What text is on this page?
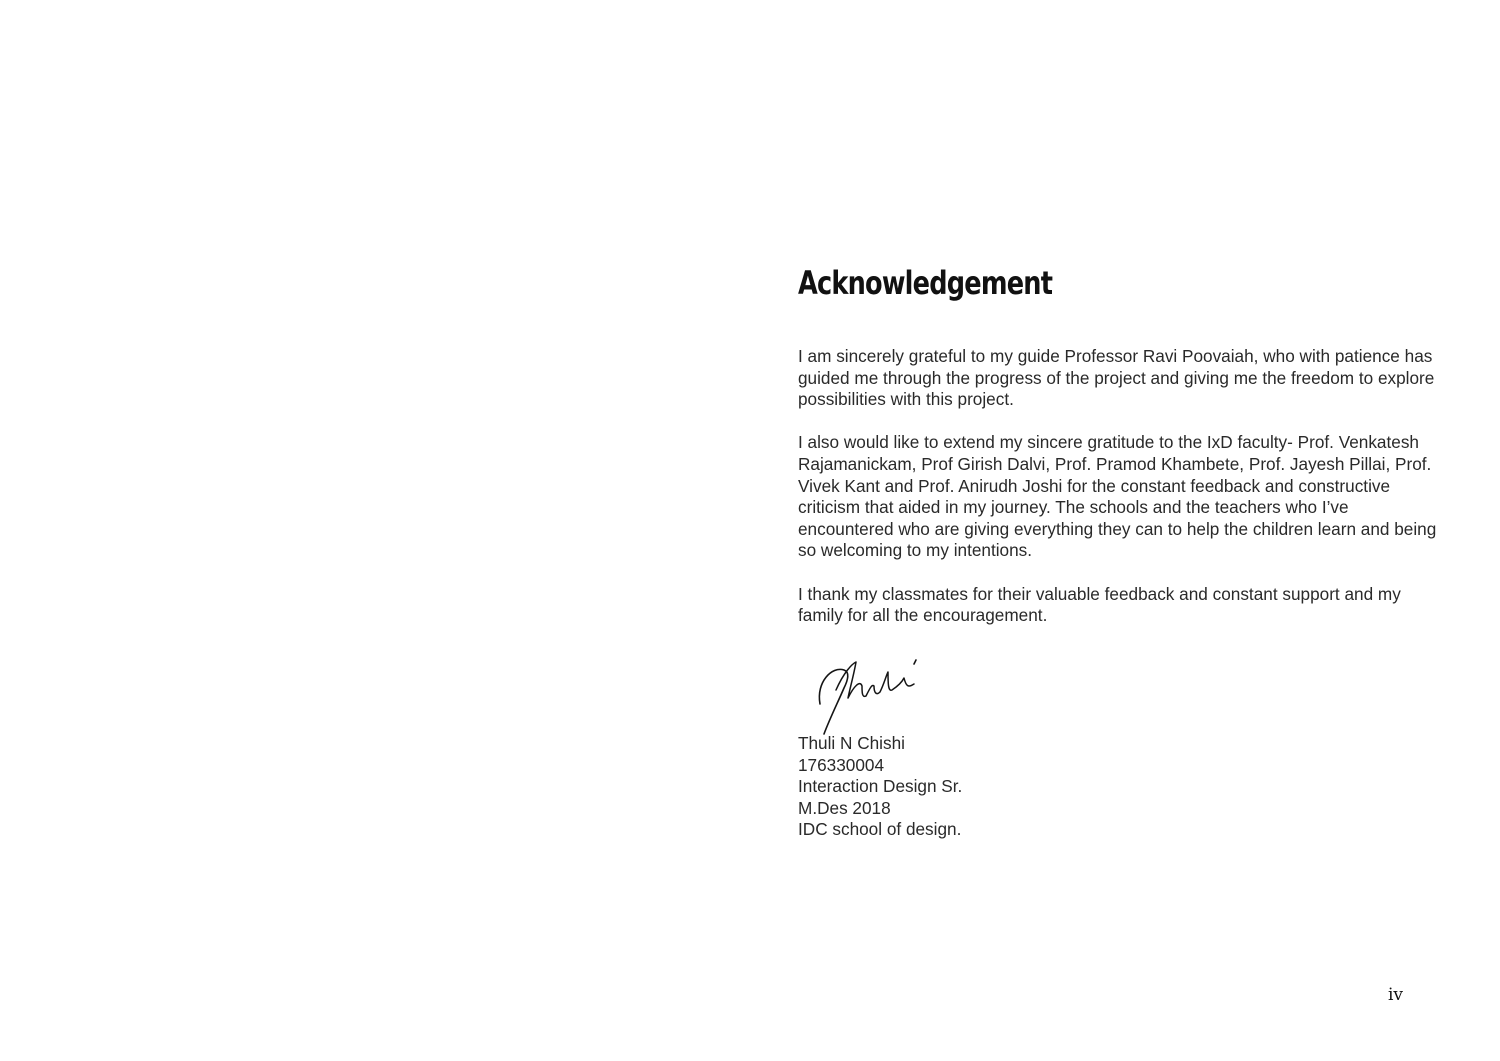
Acknowledgement

I am sincerely grateful to my guide Professor Ravi Poovaiah, who with patience has guided me through the progress of the project and giving me the freedom to explore possibilities with this project.

I also would like to extend my sincere gratitude to the IxD faculty- Prof. Venkatesh Rajamanickam, Prof Girish Dalvi, Prof. Pramod Khambete, Prof. Jayesh Pillai, Prof. Vivek Kant and Prof. Anirudh Joshi for the constant feedback and constructive criticism that aided in my journey. The schools and the teachers who I’ve encountered who are giving everything they can to help the children learn and being so welcoming to my intentions.

I thank my classmates for their valuable feedback and constant support and my family for all the encouragement.

Thuli N Chishi
176330004
Interaction Design Sr.
M.Des 2018
IDC school of design.
iv
